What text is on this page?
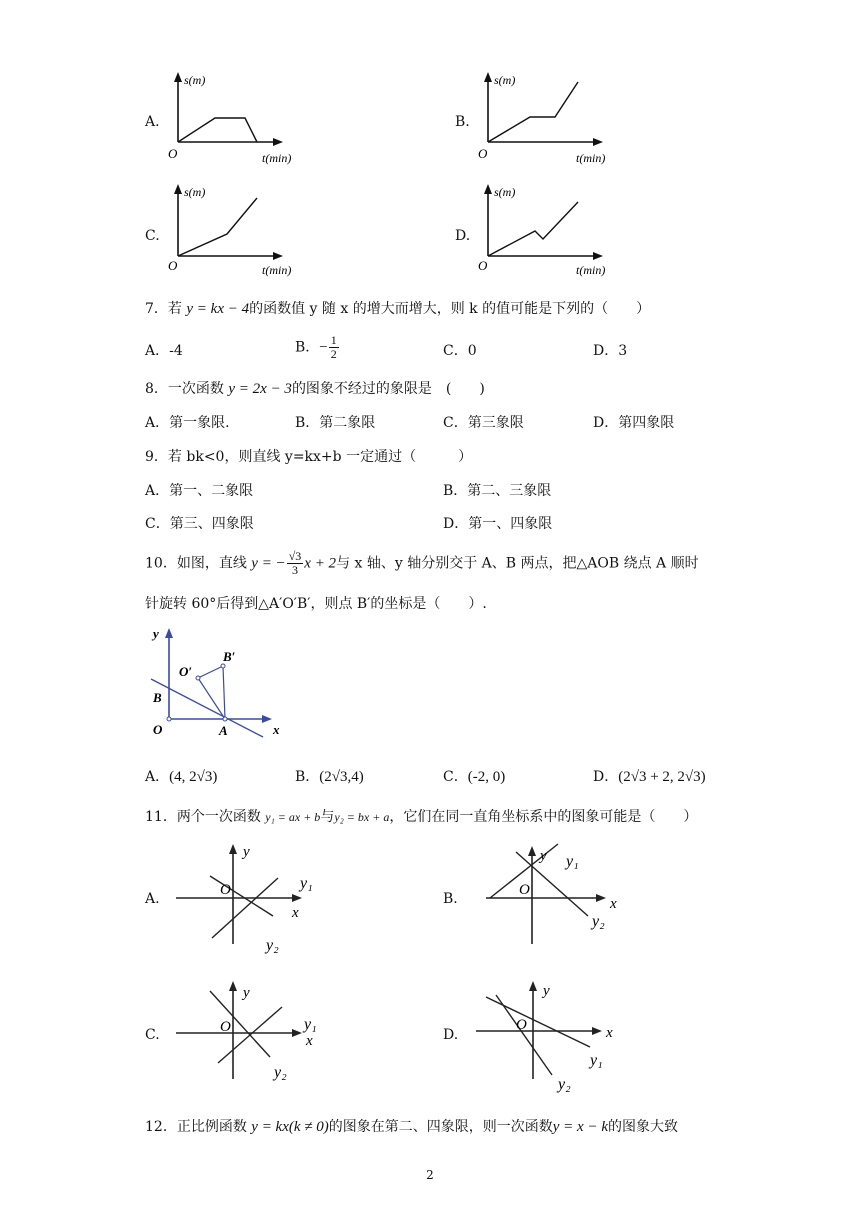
A.
s(m)
O	t(min)
B.
s(m)
O	t(min)
C.
s(m)
O	t(min)
D.
s(m)
O	t(min)
7．若 y = kx − 4的函数值 y 随 x 的增大而增大，则 k 的值可能是下列的（　　）
A．-4	B．− $\frac{1}{2}$	C．0	D．3
8．一次函数 y = 2x − 3的图象不经过的象限是　(　　)
A．第一象限.	B．第二象限	C．第三象限	D．第四象限
9．若 bk<0，则直线 y=kx+b 一定通过（　　　）
A．第一、二象限	B．第二、三象限
C．第三、四象限	D．第一、四象限
10．如图，直线 y = − $\frac{√3}{3}$ x + 2与 x 轴、y 轴分别交于 A、B 两点，把△AOB 绕点 A 顺时
针旋转 60°后得到△A′O′B′，则点 B′的坐标是（　　）.
y
x
O	A
B
O′
B′
A．(4, 2√3)	B．(2√3,4)	C．(-2, 0)	D．(2√3 + 2, 2√3)
11．两个一次函数 y₁ = ax + b与y₂ = bx + a，它们在同一直角坐标系中的图象可能是（　　）
A.
y
O
x
y₁
y₂
B.
y
O
x
y₁
y₂
C.
y
O
x
y₁
y₂
D.
y
O	x
y₁
y₂
12．正比例函数 y = kx(k ≠ 0)的图象在第二、四象限，则一次函数y = x − k的图象大致
2
